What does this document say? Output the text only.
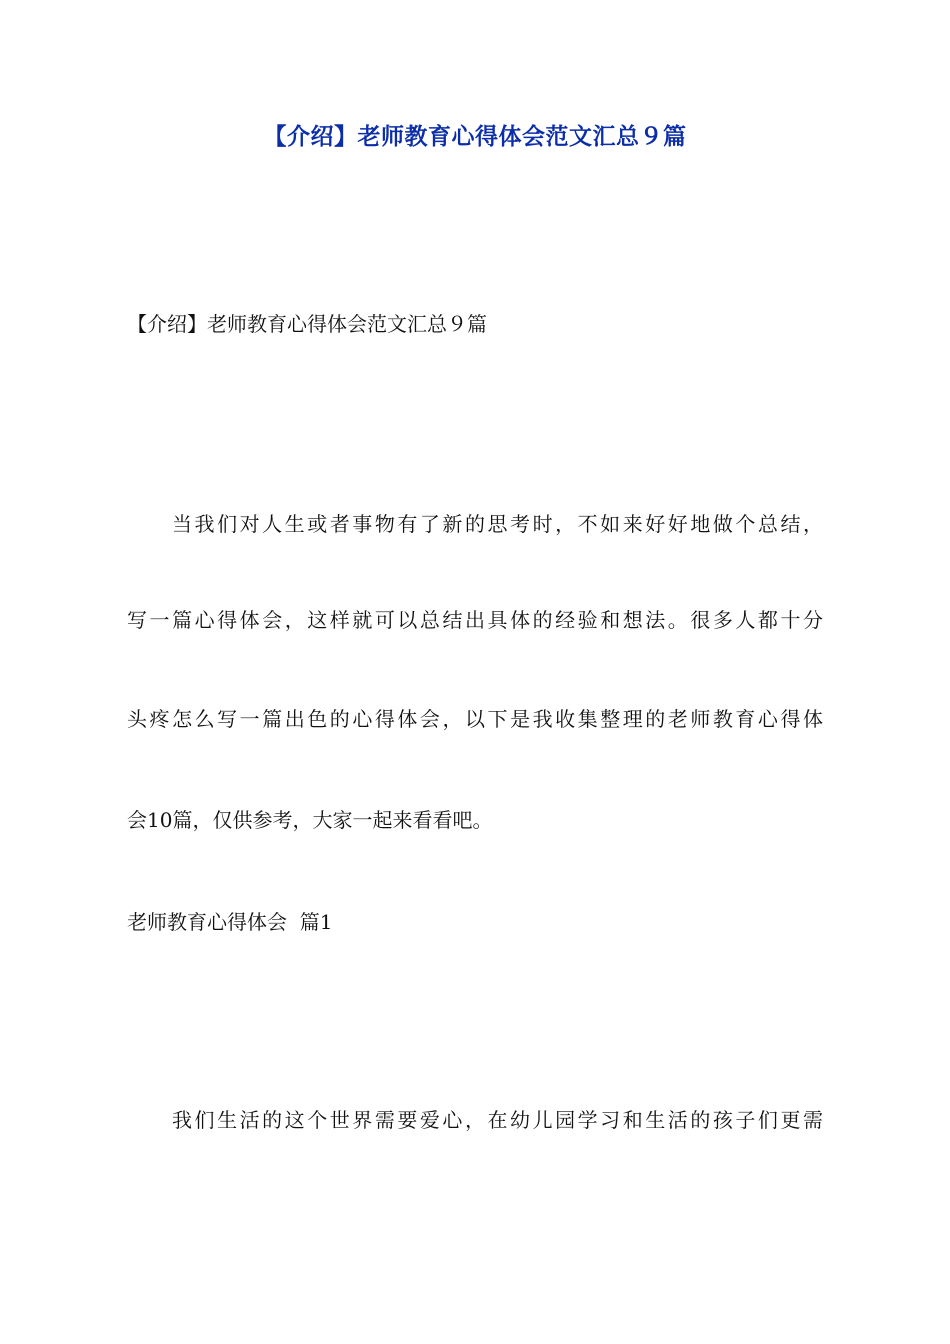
【介绍】老师教育心得体会范文汇总９篇
【介绍】老师教育心得体会范文汇总９篇
当我们对人生或者事物有了新的思考时，不如来好好地做个总结，
写一篇心得体会，这样就可以总结出具体的经验和想法。很多人都十分
头疼怎么写一篇出色的心得体会，以下是我收集整理的老师教育心得体
会10篇，仅供参考，大家一起来看看吧。
老师教育心得体会  篇1
我们生活的这个世界需要爱心，在幼儿园学习和生活的孩子们更需
